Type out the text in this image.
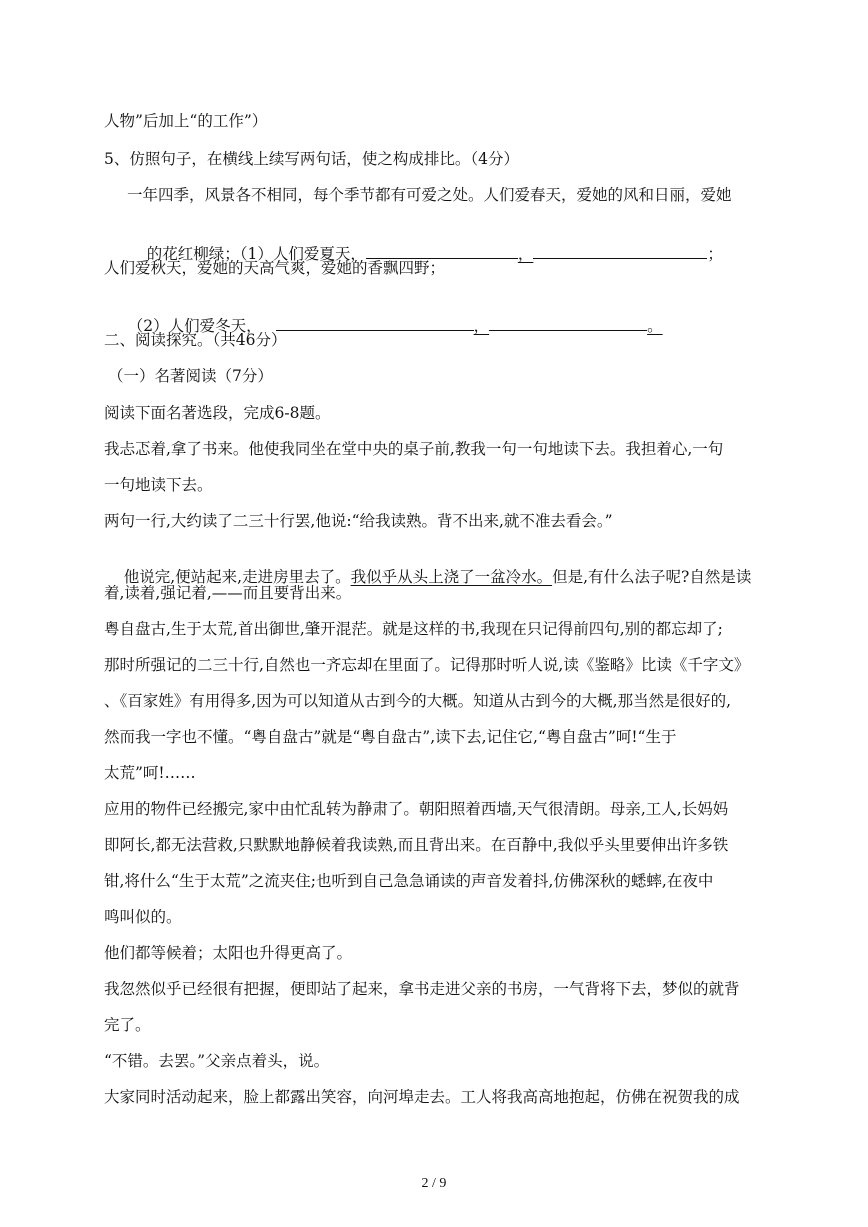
人物”后加上“的工作”）
5、仿照句子，在横线上续写两句话，使之构成排比。（4分）
一年四季，风景各不相同，每个季节都有可爱之处。人们爱春天，爱她的风和日丽，爱她

的花红柳绿；（1）人们爱夏天，	，	；

人们爱秋天，爱她的天高气爽，爱她的香飘四野；

（2）人们爱冬天，	，	。

二、阅读探究。（共46分）
（一）名著阅读（7分）
阅读下面名著选段，完成6-8题。
我忐忑着,拿了书来。他使我同坐在堂中央的桌子前,教我一句一句地读下去。我担着心,一句
一句地读下去。
两句一行,大约读了二三十行罢,他说:“给我读熟。背不出来,就不准去看会。”

他说完,便站起来,走进房里去了。我似乎从头上浇了一盆冷水。但是,有什么法子呢?自然是读

着,读着,强记着,——而且要背出来。
粤自盘古,生于太荒,首出御世,肇开混茫。就是这样的书,我现在只记得前四句,别的都忘却了;
那时所强记的二三十行,自然也一齐忘却在里面了。记得那时听人说,读《鉴略》比读《千字文》
、《百家姓》有用得多,因为可以知道从古到今的大概。知道从古到今的大概,那当然是很好的,
然而我一字也不懂。“粤自盘古”就是“粤自盘古”,读下去,记住它,“粤自盘古”呵!“生于
太荒”呵!……
应用的物件已经搬完,家中由忙乱转为静肃了。朝阳照着西墙,天气很清朗。母亲,工人,长妈妈
即阿长,都无法营救,只默默地静候着我读熟,而且背出来。在百静中,我似乎头里要伸出许多铁
钳,将什么“生于太荒”之流夹住;也听到自己急急诵读的声音发着抖,仿佛深秋的蟋蟀,在夜中
鸣叫似的。
他们都等候着；太阳也升得更高了。
我忽然似乎已经很有把握，便即站了起来，拿书走进父亲的书房，一气背将下去，梦似的就背
完了。
“不错。去罢。”父亲点着头，说。
大家同时活动起来，脸上都露出笑容，向河埠走去。工人将我高高地抱起，仿佛在祝贺我的成
2 / 9
